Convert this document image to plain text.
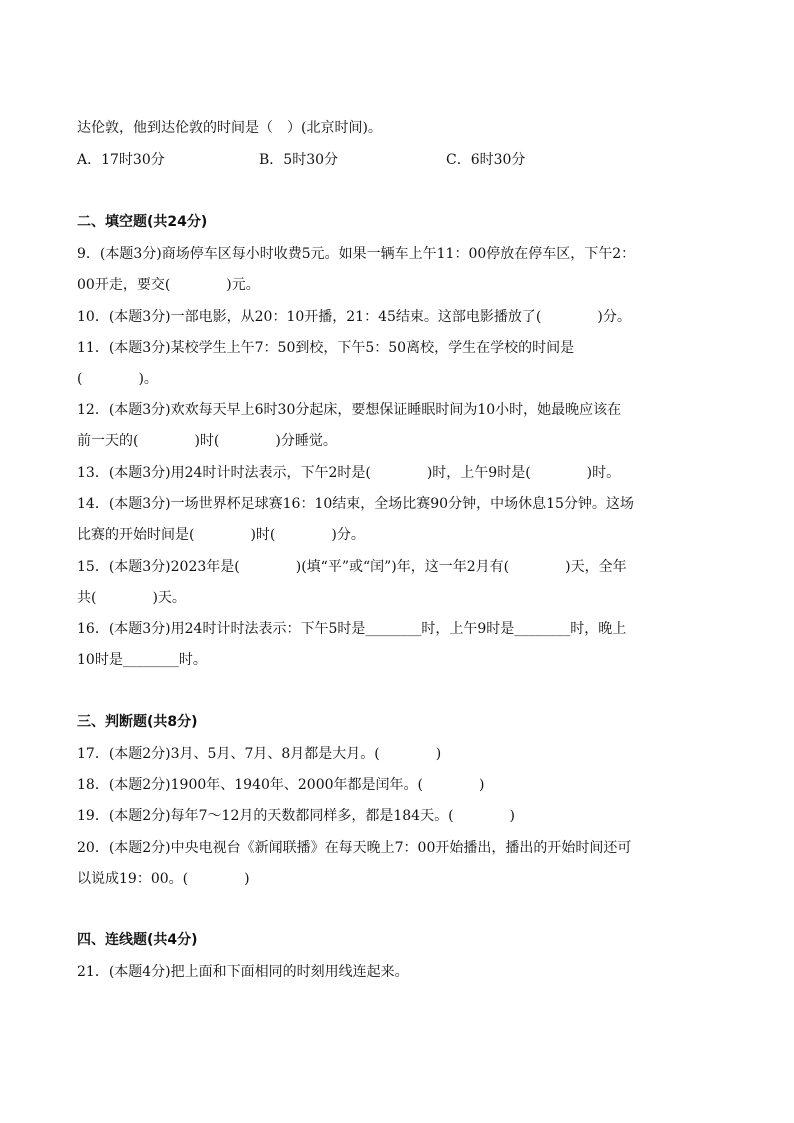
达伦敦，他到达伦敦的时间是（　）(北京时间)。
A．17时30分	B．5时30分	C．6时30分
二、填空题(共24分)
9．(本题3分)商场停车区每小时收费5元。如果一辆车上午11：00停放在停车区，下午2：
00开走，要交(　　　　)元。
10．(本题3分)一部电影，从20：10开播，21：45结束。这部电影播放了(　　　　)分。
11．(本题3分)某校学生上午7：50到校，下午5：50离校，学生在学校的时间是
(　　　　)。
12．(本题3分)欢欢每天早上6时30分起床，要想保证睡眠时间为10小时，她最晚应该在
前一天的(　　　　)时(　　　　)分睡觉。
13．(本题3分)用24时计时法表示，下午2时是(　　　　)时，上午9时是(　　　　)时。
14．(本题3分)一场世界杯足球赛16：10结束，全场比赛90分钟，中场休息15分钟。这场
比赛的开始时间是(　　　　)时(　　　　)分。
15．(本题3分)2023年是(　　　　)(填“平”或“闰”)年，这一年2月有(　　　　)天，全年
共(　　　　)天。
16．(本题3分)用24时计时法表示：下午5时是________时，上午9时是________时，晚上
10时是________时。
三、判断题(共8分)
17．(本题2分)3月、5月、7月、8月都是大月。(　　　　)
18．(本题2分)1900年、1940年、2000年都是闰年。(　　　　)
19．(本题2分)每年7～12月的天数都同样多，都是184天。(　　　　)
20．(本题2分)中央电视台《新闻联播》在每天晚上7：00开始播出，播出的开始时间还可
以说成19：00。(　　　　)
四、连线题(共4分)
21．(本题4分)把上面和下面相同的时刻用线连起来。
